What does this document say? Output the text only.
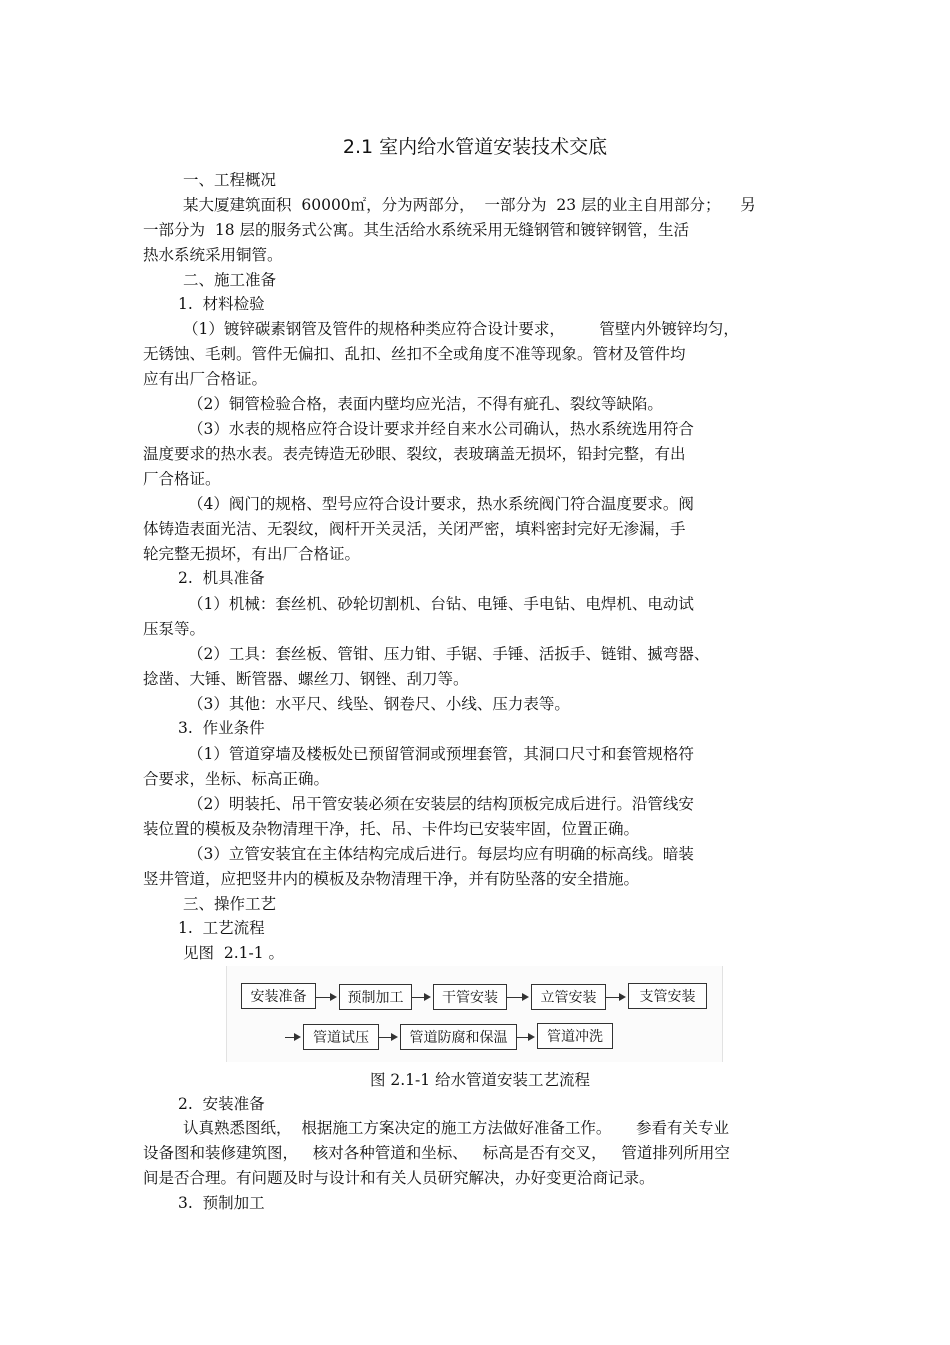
2.1 室内给水管道安装技术交底
一、工程概况
某大厦建筑面积  60000㎡，分为两部分，  一部分为  23 层的业主自用部分；    另
一部分为  18 层的服务式公寓。其生活给水系统采用无缝钢管和镀锌钢管，生活
热水系统采用铜管。
二、施工准备
1.  材料检验
（1）镀锌碳素钢管及管件的规格种类应符合设计要求，       管壁内外镀锌均匀，
无锈蚀、毛刺。管件无偏扣、乱扣、丝扣不全或角度不准等现象。管材及管件均
应有出厂合格证。
（2）铜管检验合格，表面内壁均应光洁，不得有疵孔、裂纹等缺陷。
（3）水表的规格应符合设计要求并经自来水公司确认，热水系统选用符合
温度要求的热水表。表壳铸造无砂眼、裂纹，表玻璃盖无损坏，铅封完整，有出
厂合格证。
（4）阀门的规格、型号应符合设计要求，热水系统阀门符合温度要求。阀
体铸造表面光洁、无裂纹，阀杆开关灵活，关闭严密，填料密封完好无渗漏，手
轮完整无损坏，有出厂合格证。
2.  机具准备
（1）机械：套丝机、砂轮切割机、台钻、电锤、手电钻、电焊机、电动试
压泵等。
（2）工具：套丝板、管钳、压力钳、手锯、手锤、活扳手、链钳、揻弯器、
捻凿、大锤、断管器、螺丝刀、钢锉、刮刀等。
（3）其他：水平尺、线坠、钢卷尺、小线、压力表等。
3.  作业条件
（1）管道穿墙及楼板处已预留管洞或预埋套管，其洞口尺寸和套管规格符
合要求，坐标、标高正确。
（2）明装托、吊干管安装必须在安装层的结构顶板完成后进行。沿管线安
装位置的模板及杂物清理干净，托、吊、卡件均已安装牢固，位置正确。
（3）立管安装宜在主体结构完成后进行。每层均应有明确的标高线。暗装
竖井管道，应把竖井内的模板及杂物清理干净，并有防坠落的安全措施。
三、操作工艺
1.  工艺流程
见图  2.1-1 。
安装准备	预制加工	干管安装	立管安装	支管安装
管道试压	管道防腐和保温	管道冲洗
图 2.1-1 给水管道安装工艺流程
2.  安装准备
认真熟悉图纸，  根据施工方案决定的施工方法做好准备工作。     参看有关专业
设备图和装修建筑图，   核对各种管道和坐标、   标高是否有交叉，   管道排列所用空
间是否合理。有问题及时与设计和有关人员研究解决，办好变更洽商记录。
3.  预制加工
